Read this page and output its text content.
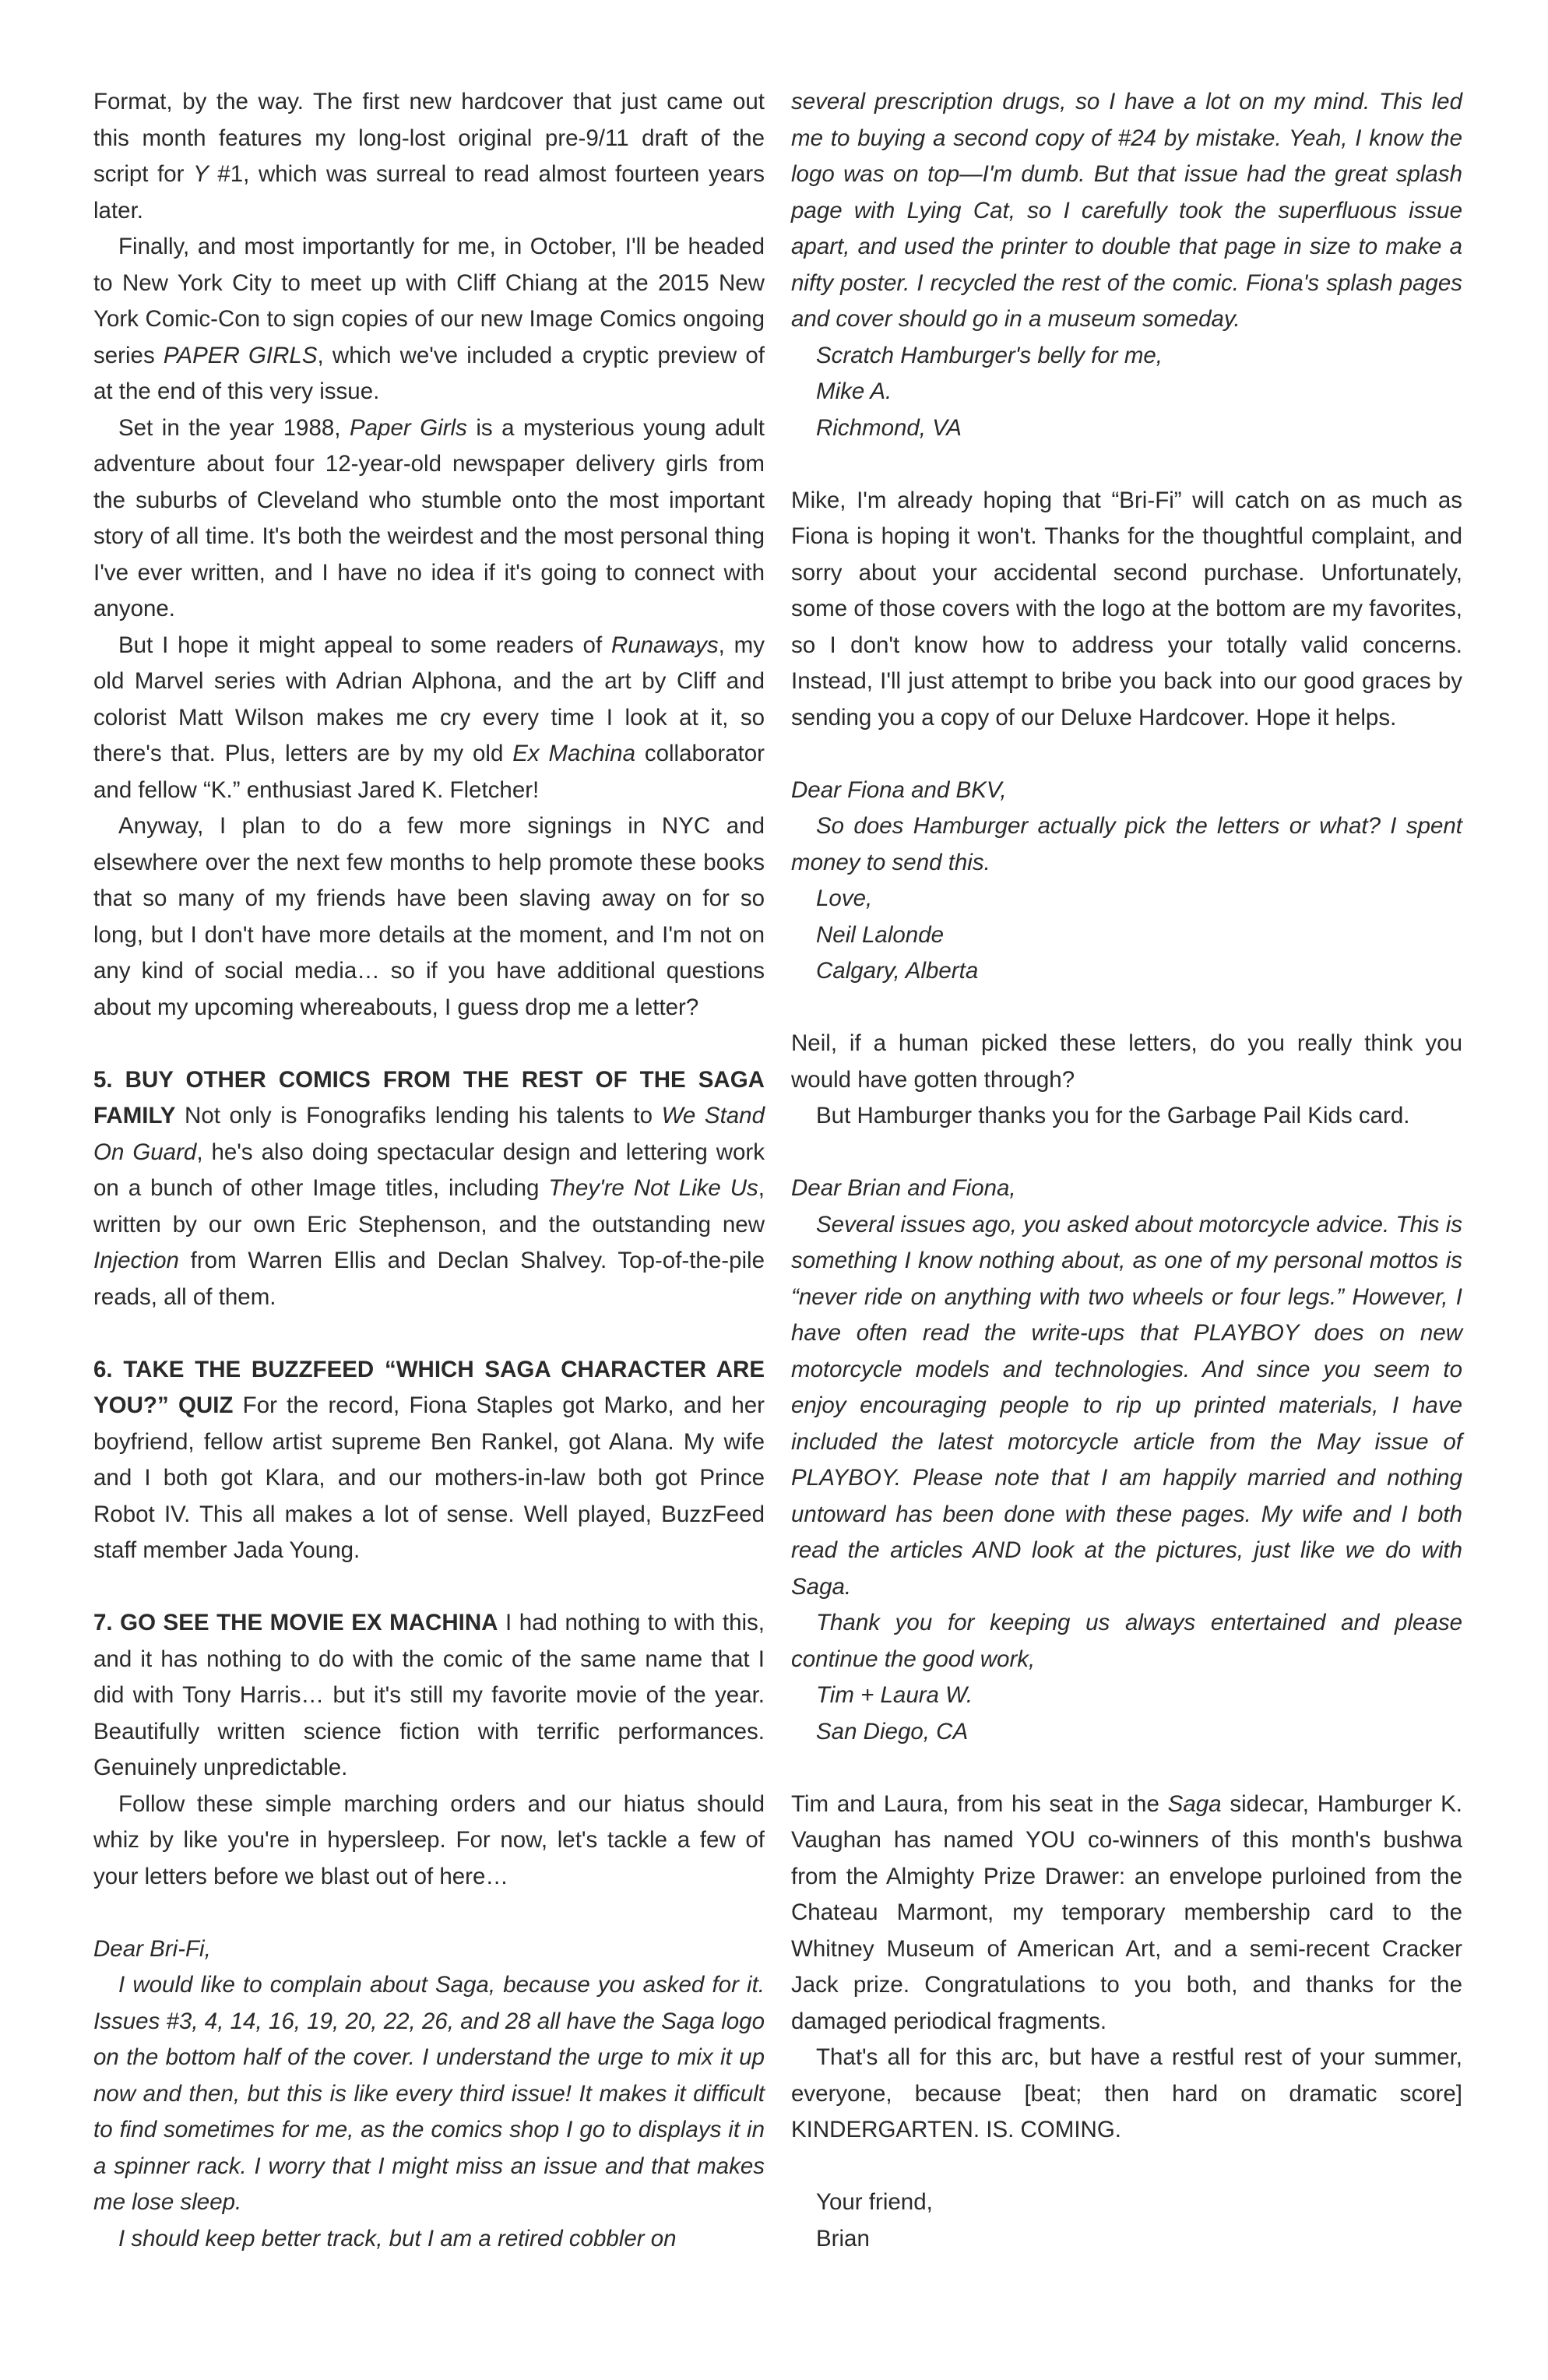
Format, by the way. The first new hardcover that just came out this month features my long-lost original pre-9/11 draft of the script for Y #1, which was surreal to read almost fourteen years later.

Finally, and most importantly for me, in October, I'll be headed to New York City to meet up with Cliff Chiang at the 2015 New York Comic-Con to sign copies of our new Image Comics ongoing series PAPER GIRLS, which we've included a cryptic preview of at the end of this very issue.

Set in the year 1988, Paper Girls is a mysterious young adult adventure about four 12-year-old newspaper delivery girls from the suburbs of Cleveland who stumble onto the most important story of all time. It's both the weirdest and the most personal thing I've ever written, and I have no idea if it's going to connect with anyone.

But I hope it might appeal to some readers of Runaways, my old Marvel series with Adrian Alphona, and the art by Cliff and colorist Matt Wilson makes me cry every time I look at it, so there's that. Plus, letters are by my old Ex Machina collaborator and fellow “K.” enthusiast Jared K. Fletcher!

Anyway, I plan to do a few more signings in NYC and elsewhere over the next few months to help promote these books that so many of my friends have been slaving away on for so long, but I don't have more details at the moment, and I'm not on any kind of social media… so if you have additional questions about my upcoming whereabouts, I guess drop me a letter?

5. BUY OTHER COMICS FROM THE REST OF THE SAGA FAMILY Not only is Fonografiks lending his talents to We Stand On Guard, he's also doing spectacular design and lettering work on a bunch of other Image titles, including They're Not Like Us, written by our own Eric Stephenson, and the outstanding new Injection from Warren Ellis and Declan Shalvey. Top-of-the-pile reads, all of them.

6. TAKE THE BUZZFEED “WHICH SAGA CHARACTER ARE YOU?” QUIZ For the record, Fiona Staples got Marko, and her boyfriend, fellow artist supreme Ben Rankel, got Alana. My wife and I both got Klara, and our mothers-in-law both got Prince Robot IV. This all makes a lot of sense. Well played, BuzzFeed staff member Jada Young.

7. GO SEE THE MOVIE EX MACHINA I had nothing to with this, and it has nothing to do with the comic of the same name that I did with Tony Harris… but it's still my favorite movie of the year. Beautifully written science fiction with terrific performances. Genuinely unpredictable.

Follow these simple marching orders and our hiatus should whiz by like you're in hypersleep. For now, let's tackle a few of your letters before we blast out of here…

Dear Bri-Fi,

I would like to complain about Saga, because you asked for it. Issues #3, 4, 14, 16, 19, 20, 22, 26, and 28 all have the Saga logo on the bottom half of the cover. I understand the urge to mix it up now and then, but this is like every third issue! It makes it difficult to find sometimes for me, as the comics shop I go to displays it in a spinner rack. I worry that I might miss an issue and that makes me lose sleep.

I should keep better track, but I am a retired cobbler on

several prescription drugs, so I have a lot on my mind. This led me to buying a second copy of #24 by mistake. Yeah, I know the logo was on top—I'm dumb. But that issue had the great splash page with Lying Cat, so I carefully took the superfluous issue apart, and used the printer to double that page in size to make a nifty poster. I recycled the rest of the comic. Fiona's splash pages and cover should go in a museum someday.

Scratch Hamburger's belly for me,

Mike A.

Richmond, VA

Mike, I'm already hoping that “Bri-Fi” will catch on as much as Fiona is hoping it won't. Thanks for the thoughtful complaint, and sorry about your accidental second purchase. Unfortunately, some of those covers with the logo at the bottom are my favorites, so I don't know how to address your totally valid concerns. Instead, I'll just attempt to bribe you back into our good graces by sending you a copy of our Deluxe Hardcover. Hope it helps.

Dear Fiona and BKV,

So does Hamburger actually pick the letters or what? I spent money to send this.

Love,

Neil Lalonde

Calgary, Alberta

Neil, if a human picked these letters, do you really think you would have gotten through?

But Hamburger thanks you for the Garbage Pail Kids card.

Dear Brian and Fiona,

Several issues ago, you asked about motorcycle advice. This is something I know nothing about, as one of my personal mottos is “never ride on anything with two wheels or four legs.” However, I have often read the write-ups that PLAYBOY does on new motorcycle models and technologies. And since you seem to enjoy encouraging people to rip up printed materials, I have included the latest motorcycle article from the May issue of PLAYBOY. Please note that I am happily married and nothing untoward has been done with these pages. My wife and I both read the articles AND look at the pictures, just like we do with Saga.

Thank you for keeping us always entertained and please continue the good work,

Tim + Laura W.

San Diego, CA

Tim and Laura, from his seat in the Saga sidecar, Hamburger K. Vaughan has named YOU co-winners of this month's bushwa from the Almighty Prize Drawer: an envelope purloined from the Chateau Marmont, my temporary membership card to the Whitney Museum of American Art, and a semi-recent Cracker Jack prize. Congratulations to you both, and thanks for the damaged periodical fragments.

That's all for this arc, but have a restful rest of your summer, everyone, because [beat; then hard on dramatic score] KINDERGARTEN. IS. COMING.

Your friend,

Brian
